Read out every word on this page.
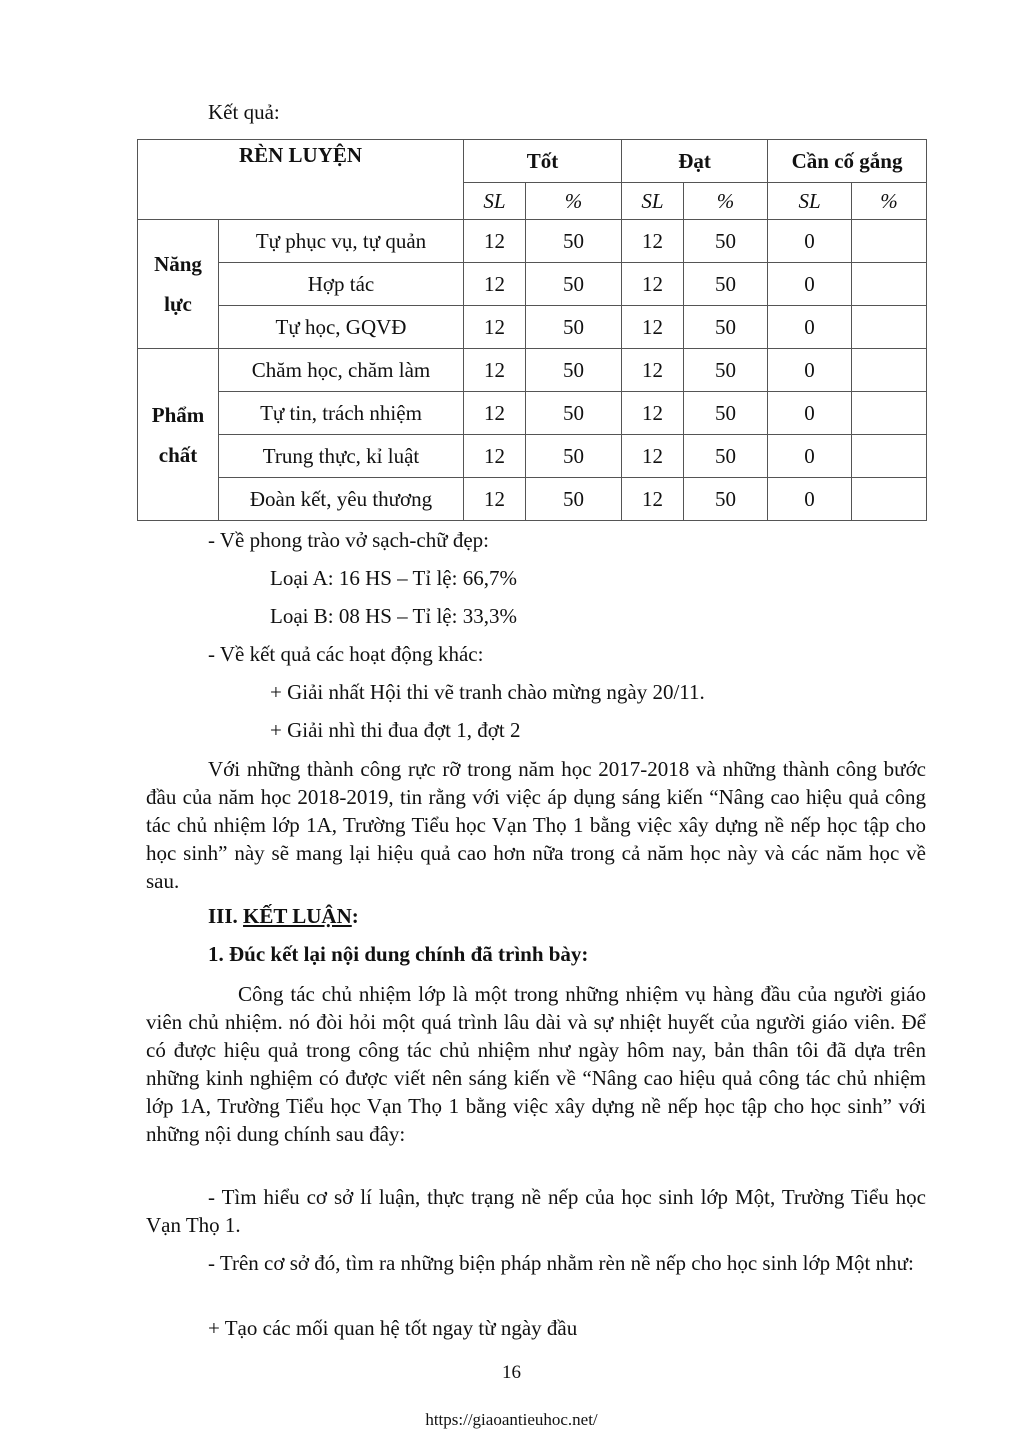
Kết quả:
RÈN LUYỆN		Tốt		Đạt		Cần cố gắng	
		SL	%	SL	%	SL	%
Năng
lực	Tự phục vụ, tự quản	12	50	12	50	0	
	Hợp tác	12	50	12	50	0	
	Tự học, GQVĐ	12	50	12	50	0	
Phẩm
chất	Chăm học, chăm làm	12	50	12	50	0	
	Tự tin, trách nhiệm	12	50	12	50	0	
	Trung thực, kỉ luật	12	50	12	50	0	
	Đoàn kết, yêu thương	12	50	12	50	0	
- Về phong trào vở sạch-chữ đẹp:
Loại A: 16 HS – Tỉ lệ: 66,7%
Loại B: 08 HS – Tỉ lệ: 33,3%
- Về kết quả các hoạt động khác:
+ Giải nhất Hội thi vẽ tranh chào mừng ngày 20/11.
+ Giải nhì thi đua đợt 1, đợt 2
Với những thành công rực rỡ trong năm học 2017-2018 và những thành công bước đầu của năm học 2018-2019, tin rằng với việc áp dụng sáng kiến “Nâng cao hiệu quả công tác chủ nhiệm lớp 1A, Trường Tiểu học Vạn Thọ 1 bằng việc xây dựng nề nếp học tập cho học sinh” này sẽ mang lại hiệu quả cao hơn nữa trong cả năm học này và các năm học về sau.
III. KẾT LUẬN:
1. Đúc kết lại nội dung chính đã trình bày:
Công tác chủ nhiệm lớp là một trong những nhiệm vụ hàng đầu của người giáo viên chủ nhiệm. nó đòi hỏi một quá trình lâu dài và sự nhiệt huyết của người giáo viên. Để có được hiệu quả trong công tác chủ nhiệm như ngày hôm nay, bản thân tôi đã dựa trên những kinh nghiệm có được viết nên sáng kiến về “Nâng cao hiệu quả công tác chủ nhiệm lớp 1A, Trường Tiểu học Vạn Thọ 1 bằng việc xây dựng nề nếp học tập cho học sinh” với những nội dung chính sau đây:
- Tìm hiểu cơ sở lí luận, thực trạng nề nếp của học sinh lớp Một, Trường Tiểu học Vạn Thọ 1.
- Trên cơ sở đó, tìm ra những biện pháp nhằm rèn nề nếp cho học sinh lớp Một như:
+ Tạo các mối quan hệ tốt ngay từ ngày đầu
16
https://giaoantieuhoc.net/
